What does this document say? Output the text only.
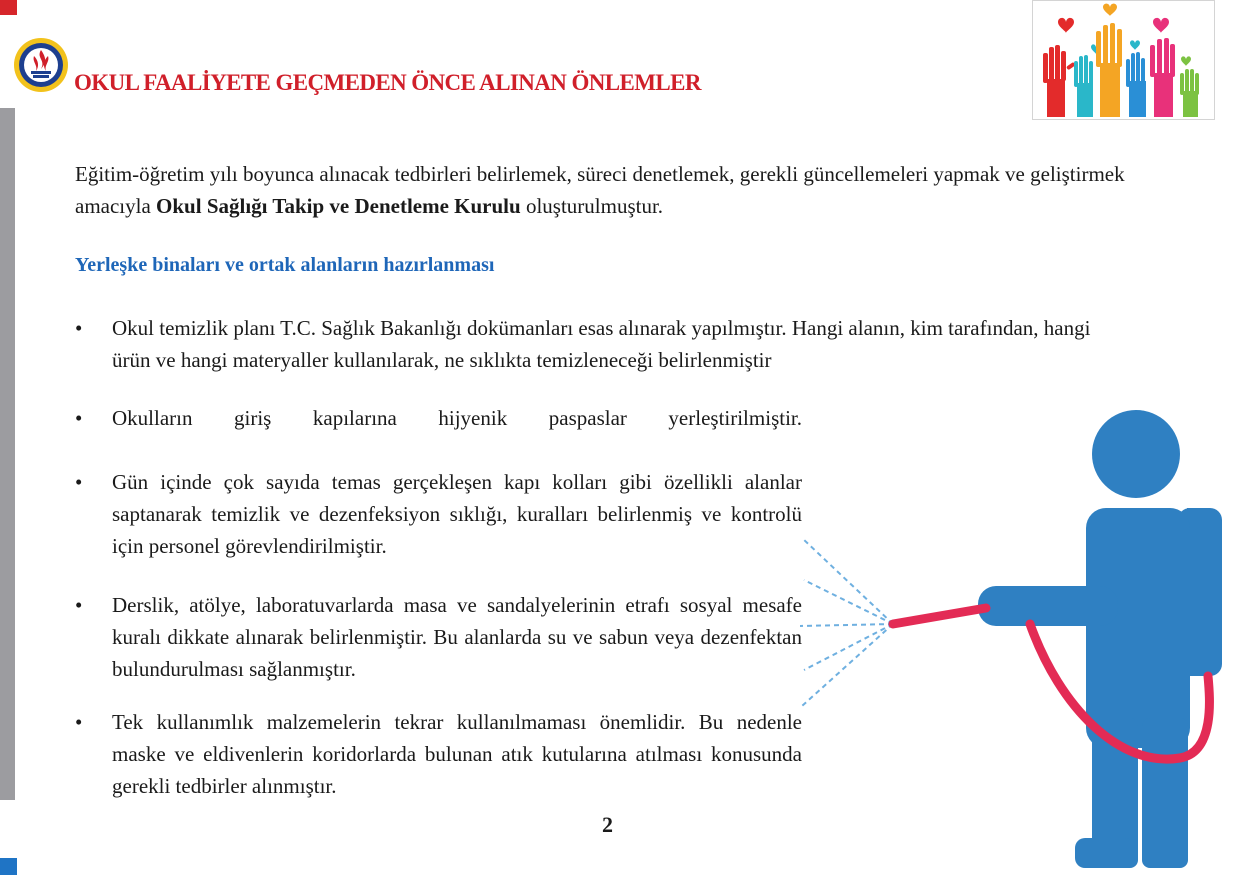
OKUL FAALİYETE GEÇMEDEN ÖNCE ALINAN ÖNLEMLER

Eğitim-öğretim yılı boyunca alınacak tedbirleri belirlemek, süreci denetlemek, gerekli güncellemeleri yapmak ve geliştirmek amacıyla Okul Sağlığı Takip ve Denetleme Kurulu oluşturulmuştur.

Yerleşke binaları ve ortak alanların hazırlanması
•	Okul temizlik planı T.C. Sağlık Bakanlığı dokümanları esas alınarak yapılmıştır. Hangi alanın, kim tarafından, hangi ürün ve hangi materyaller kullanılarak, ne sıklıkta temizleneceği belirlenmiştir

•	Okulların giriş kapılarına hijyenik paspaslar yerleştirilmiştir.

•	Gün içinde çok sayıda temas gerçekleşen kapı kolları gibi özellikli alanlar saptanarak temizlik ve dezenfeksiyon sıklığı, kuralları belirlenmiş ve kontrolü için personel görevlendirilmiştir.

•	Derslik, atölye, laboratuvarlarda masa ve sandalyelerinin etrafı sosyal mesafe kuralı dikkate alınarak belirlenmiştir. Bu alanlarda su ve sabun veya dezenfektan bulundurulması sağlanmıştır.

•	Tek kullanımlık malzemelerin tekrar kullanılmaması önemlidir. Bu nedenle maske ve eldivenlerin koridorlarda bulunan atık kutularına atılması konusunda gerekli tedbirler alınmıştır.

2
